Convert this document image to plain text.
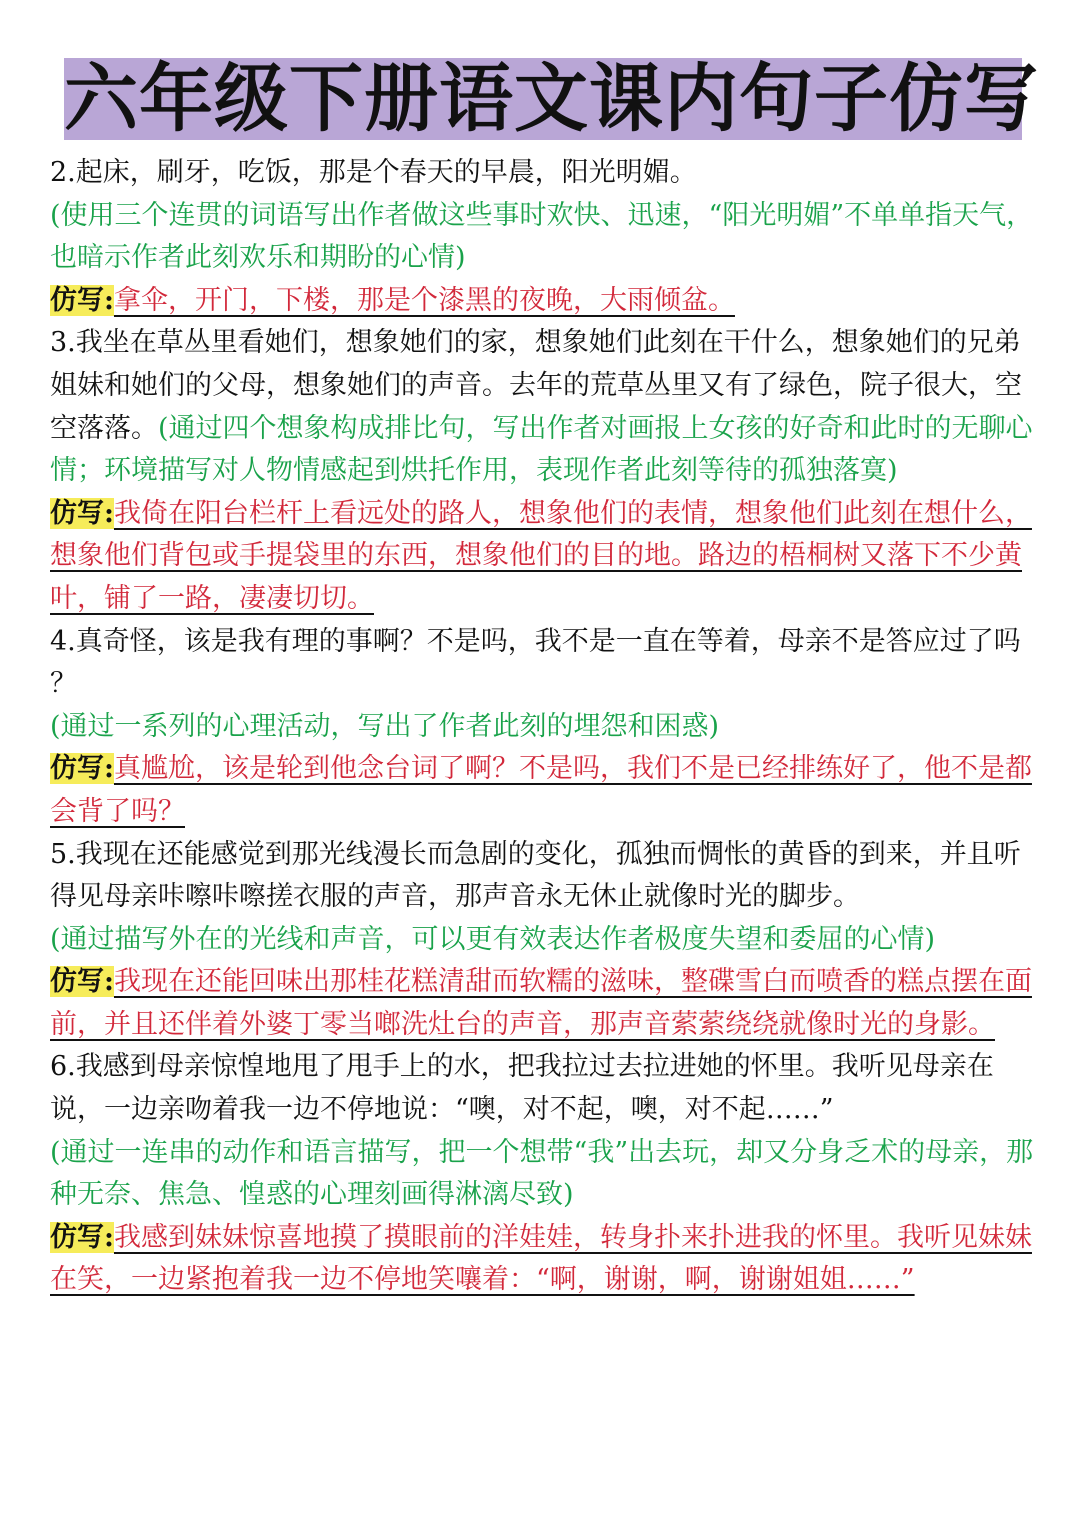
六年级下册语文课内句子仿写

2.起床，刷牙，吃饭，那是个春天的早晨，阳光明媚。

(使用三个连贯的词语写出作者做这些事时欢快、迅速，“阳光明媚”不单单指天气，也暗示作者此刻欢乐和期盼的心情)

仿写:拿伞，开门，下楼，那是个漆黑的夜晚，大雨倾盆。

3.我坐在草丛里看她们，想象她们的家，想象她们此刻在干什么，想象她们的兄弟姐妹和她们的父母，想象她们的声音。去年的荒草丛里又有了绿色，院子很大，空空落落。(通过四个想象构成排比句，写出作者对画报上女孩的好奇和此时的无聊心情；环境描写对人物情感起到烘托作用，表现作者此刻等待的孤独落寞)

仿写:我倚在阳台栏杆上看远处的路人，想象他们的表情，想象他们此刻在想什么，想象他们背包或手提袋里的东西，想象他们的目的地。路边的梧桐树又落下不少黄叶，铺了一路，凄凄切切。

4.真奇怪，该是我有理的事啊？不是吗，我不是一直在等着，母亲不是答应过了吗 ？

(通过一系列的心理活动，写出了作者此刻的埋怨和困惑)

仿写:真尴尬，该是轮到他念台词了啊？不是吗，我们不是已经排练好了，他不是都会背了吗？

5.我现在还能感觉到那光线漫长而急剧的变化，孤独而惆怅的黄昏的到来，并且听得见母亲咔嚓咔嚓搓衣服的声音，那声音永无休止就像时光的脚步。

(通过描写外在的光线和声音，可以更有效表达作者极度失望和委屈的心情)

仿写:我现在还能回味出那桂花糕清甜而软糯的滋味，整碟雪白而喷香的糕点摆在面前，并且还伴着外婆丁零当啷洗灶台的声音，那声音萦萦绕绕就像时光的身影。

6.我感到母亲惊惶地甩了甩手上的水，把我拉过去拉进她的怀里。我听见母亲在说，一边亲吻着我一边不停地说：“噢，对不起，噢，对不起……”

(通过一连串的动作和语言描写，把一个想带“我”出去玩，却又分身乏术的母亲，那种无奈、焦急、惶惑的心理刻画得淋漓尽致)

仿写:我感到妹妹惊喜地摸了摸眼前的洋娃娃，转身扑来扑进我的怀里。我听见妹妹在笑，一边紧抱着我一边不停地笑嚷着：“啊，谢谢，啊，谢谢姐姐……”
